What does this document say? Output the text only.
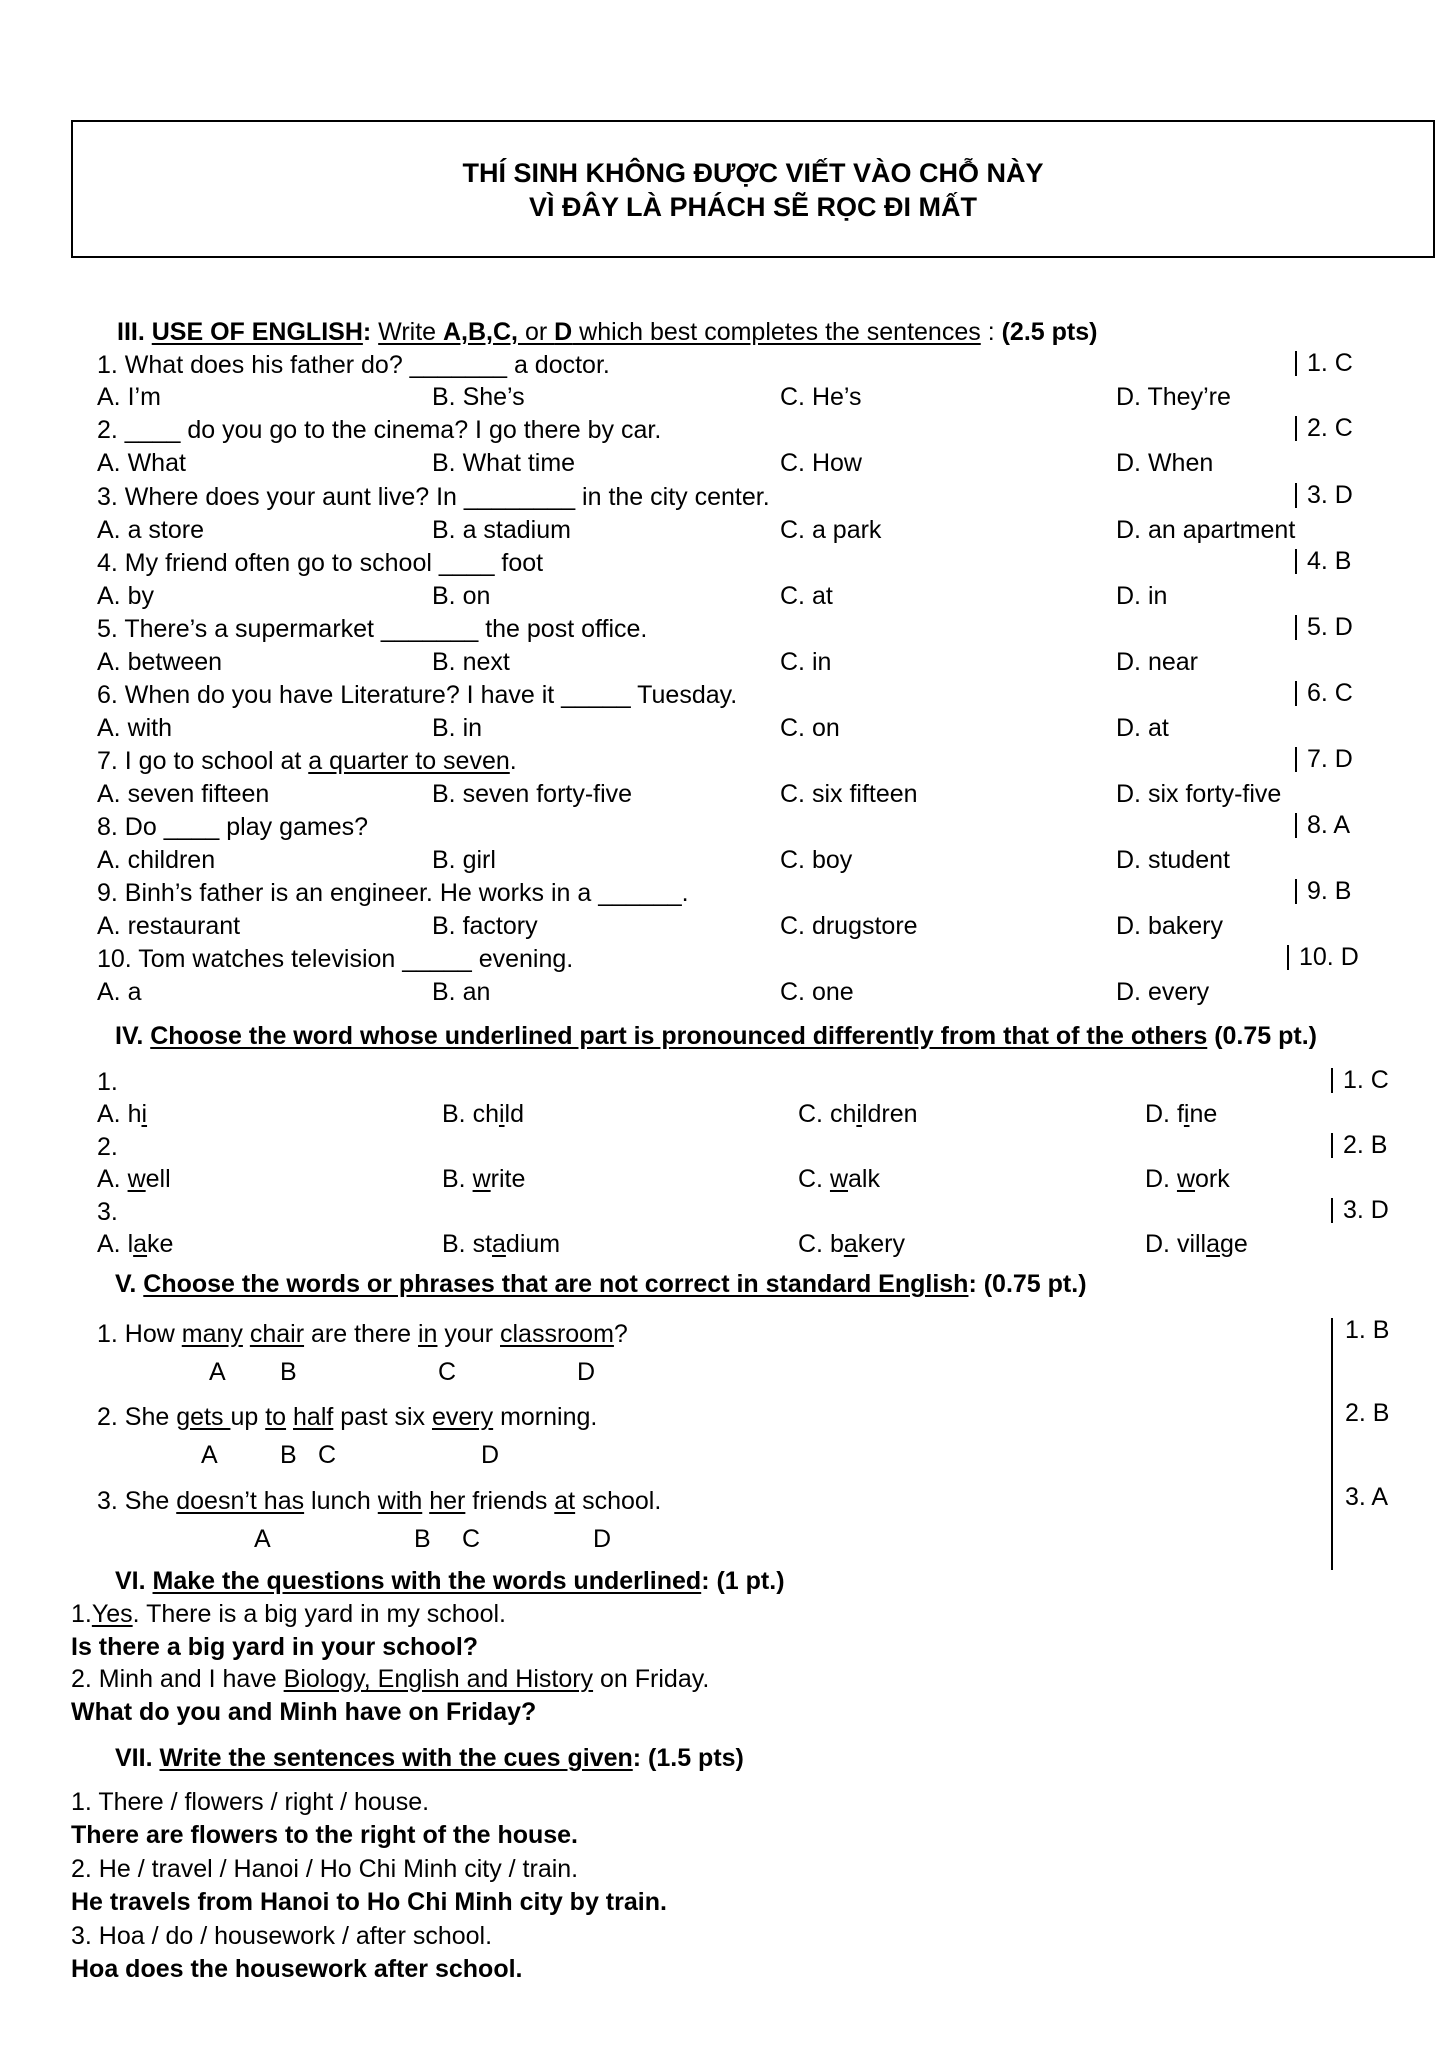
THÍ SINH KHÔNG ĐƯỢC VIẾT VÀO CHỖ NÀY
VÌ ĐÂY LÀ PHÁCH SẼ RỌC ĐI MẤT
III. USE OF ENGLISH: Write A,B,C, or D which best completes the sentences : (2.5 pts)
1. What does his father do? _______ a doctor.	1. C
A. I’m	B. She’s	C. He’s	D. They’re
2. ____ do you go to the cinema? I go there by car.	2. C
A. What	B. What time	C. How	D. When
3. Where does your aunt live? In ________ in the city center.	3. D
A. a store	B. a stadium	C. a park	D. an apartment
4. My friend often go to school ____ foot	4. B
A. by	B. on	C. at	D. in
5. There’s a supermarket _______ the post office.	5. D
A. between	B. next	C. in	D. near
6. When do you have Literature? I have it _____ Tuesday.	6. C
A. with	B. in	C. on	D. at
7. I go to school at a quarter to seven.	7. D
A. seven fifteen	B. seven forty-five	C. six fifteen	D. six forty-five
8. Do ____ play games?	8. A
A. children	B. girl	C. boy	D. student
9. Binh’s father is an engineer. He works in a ______.	9. B
A. restaurant	B. factory	C. drugstore	D. bakery
10. Tom watches television _____ evening.	10. D
A. a	B. an	C. one	D. every
IV. Choose the word whose underlined part is pronounced differently from that of the others (0.75 pt.)
1.	1. C
A. hi	B. child	C. children	D. fine
2.	2. B
A. well	B. write	C. walk	D. work
3.	3. D
A. lake	B. stadium	C. bakery	D. village
V. Choose the words or phrases that are not correct in standard English: (0.75 pt.)
1. How many chair are there in your classroom?
A B	C	D
1. B
2. She gets up to half past six every morning.
A B C	D
2. B
3. She doesn’t has lunch with her friends at school.
A	B C	D
3. A
VI. Make the questions with the words underlined: (1 pt.)
1.Yes. There is a big yard in my school.
Is there a big yard in your school?
2. Minh and I have Biology, English and History on Friday.
What do you and Minh have on Friday?
VII. Write the sentences with the cues given: (1.5 pts)
1. There / flowers / right / house.
There are flowers to the right of the house.
2. He / travel / Hanoi / Ho Chi Minh city / train.
He travels from Hanoi to Ho Chi Minh city by train.
3. Hoa / do / housework / after school.
Hoa does the housework after school.
